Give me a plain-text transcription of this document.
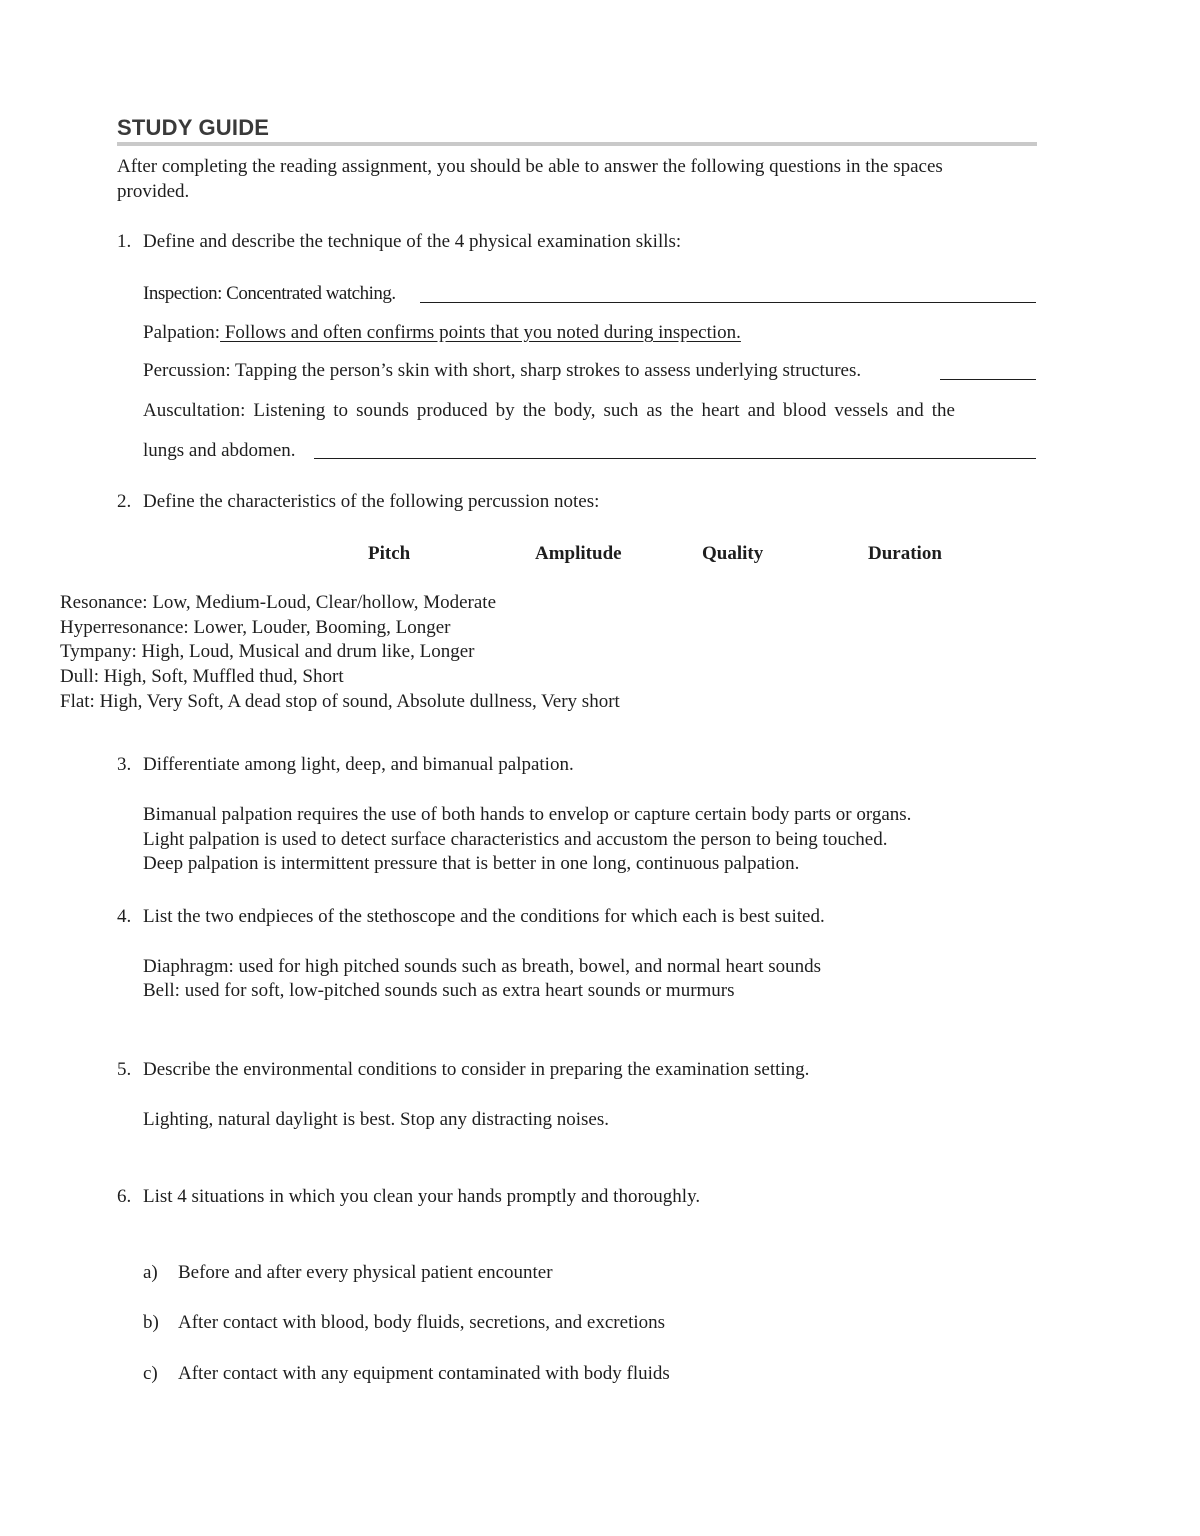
STUDY GUIDE
After completing the reading assignment, you should be able to answer the following questions in the spaces
provided.
1. Define and describe the technique of the 4 physical examination skills:
Inspection: Concentrated watching.
Palpation: Follows and often confirms points that you noted during inspection.
Percussion: Tapping the person’s skin with short, sharp strokes to assess underlying structures.
Auscultation: Listening to sounds produced by the body, such as the heart and blood vessels and the
lungs and abdomen.
2. Define the characteristics of the following percussion notes:
Pitch	Amplitude	Quality	Duration
Resonance: Low, Medium-Loud, Clear/hollow, Moderate
Hyperresonance: Lower, Louder, Booming, Longer
Tympany: High, Loud, Musical and drum like, Longer
Dull: High, Soft, Muffled thud, Short
Flat: High, Very Soft, A dead stop of sound, Absolute dullness, Very short
3. Differentiate among light, deep, and bimanual palpation.
Bimanual palpation requires the use of both hands to envelop or capture certain body parts or organs.
Light palpation is used to detect surface characteristics and accustom the person to being touched.
Deep palpation is intermittent pressure that is better in one long, continuous palpation.
4. List the two endpieces of the stethoscope and the conditions for which each is best suited.
Diaphragm: used for high pitched sounds such as breath, bowel, and normal heart sounds
Bell: used for soft, low-pitched sounds such as extra heart sounds or murmurs
5. Describe the environmental conditions to consider in preparing the examination setting.
Lighting, natural daylight is best. Stop any distracting noises.
6. List 4 situations in which you clean your hands promptly and thoroughly.
a) Before and after every physical patient encounter
b) After contact with blood, body fluids, secretions, and excretions
c) After contact with any equipment contaminated with body fluids
